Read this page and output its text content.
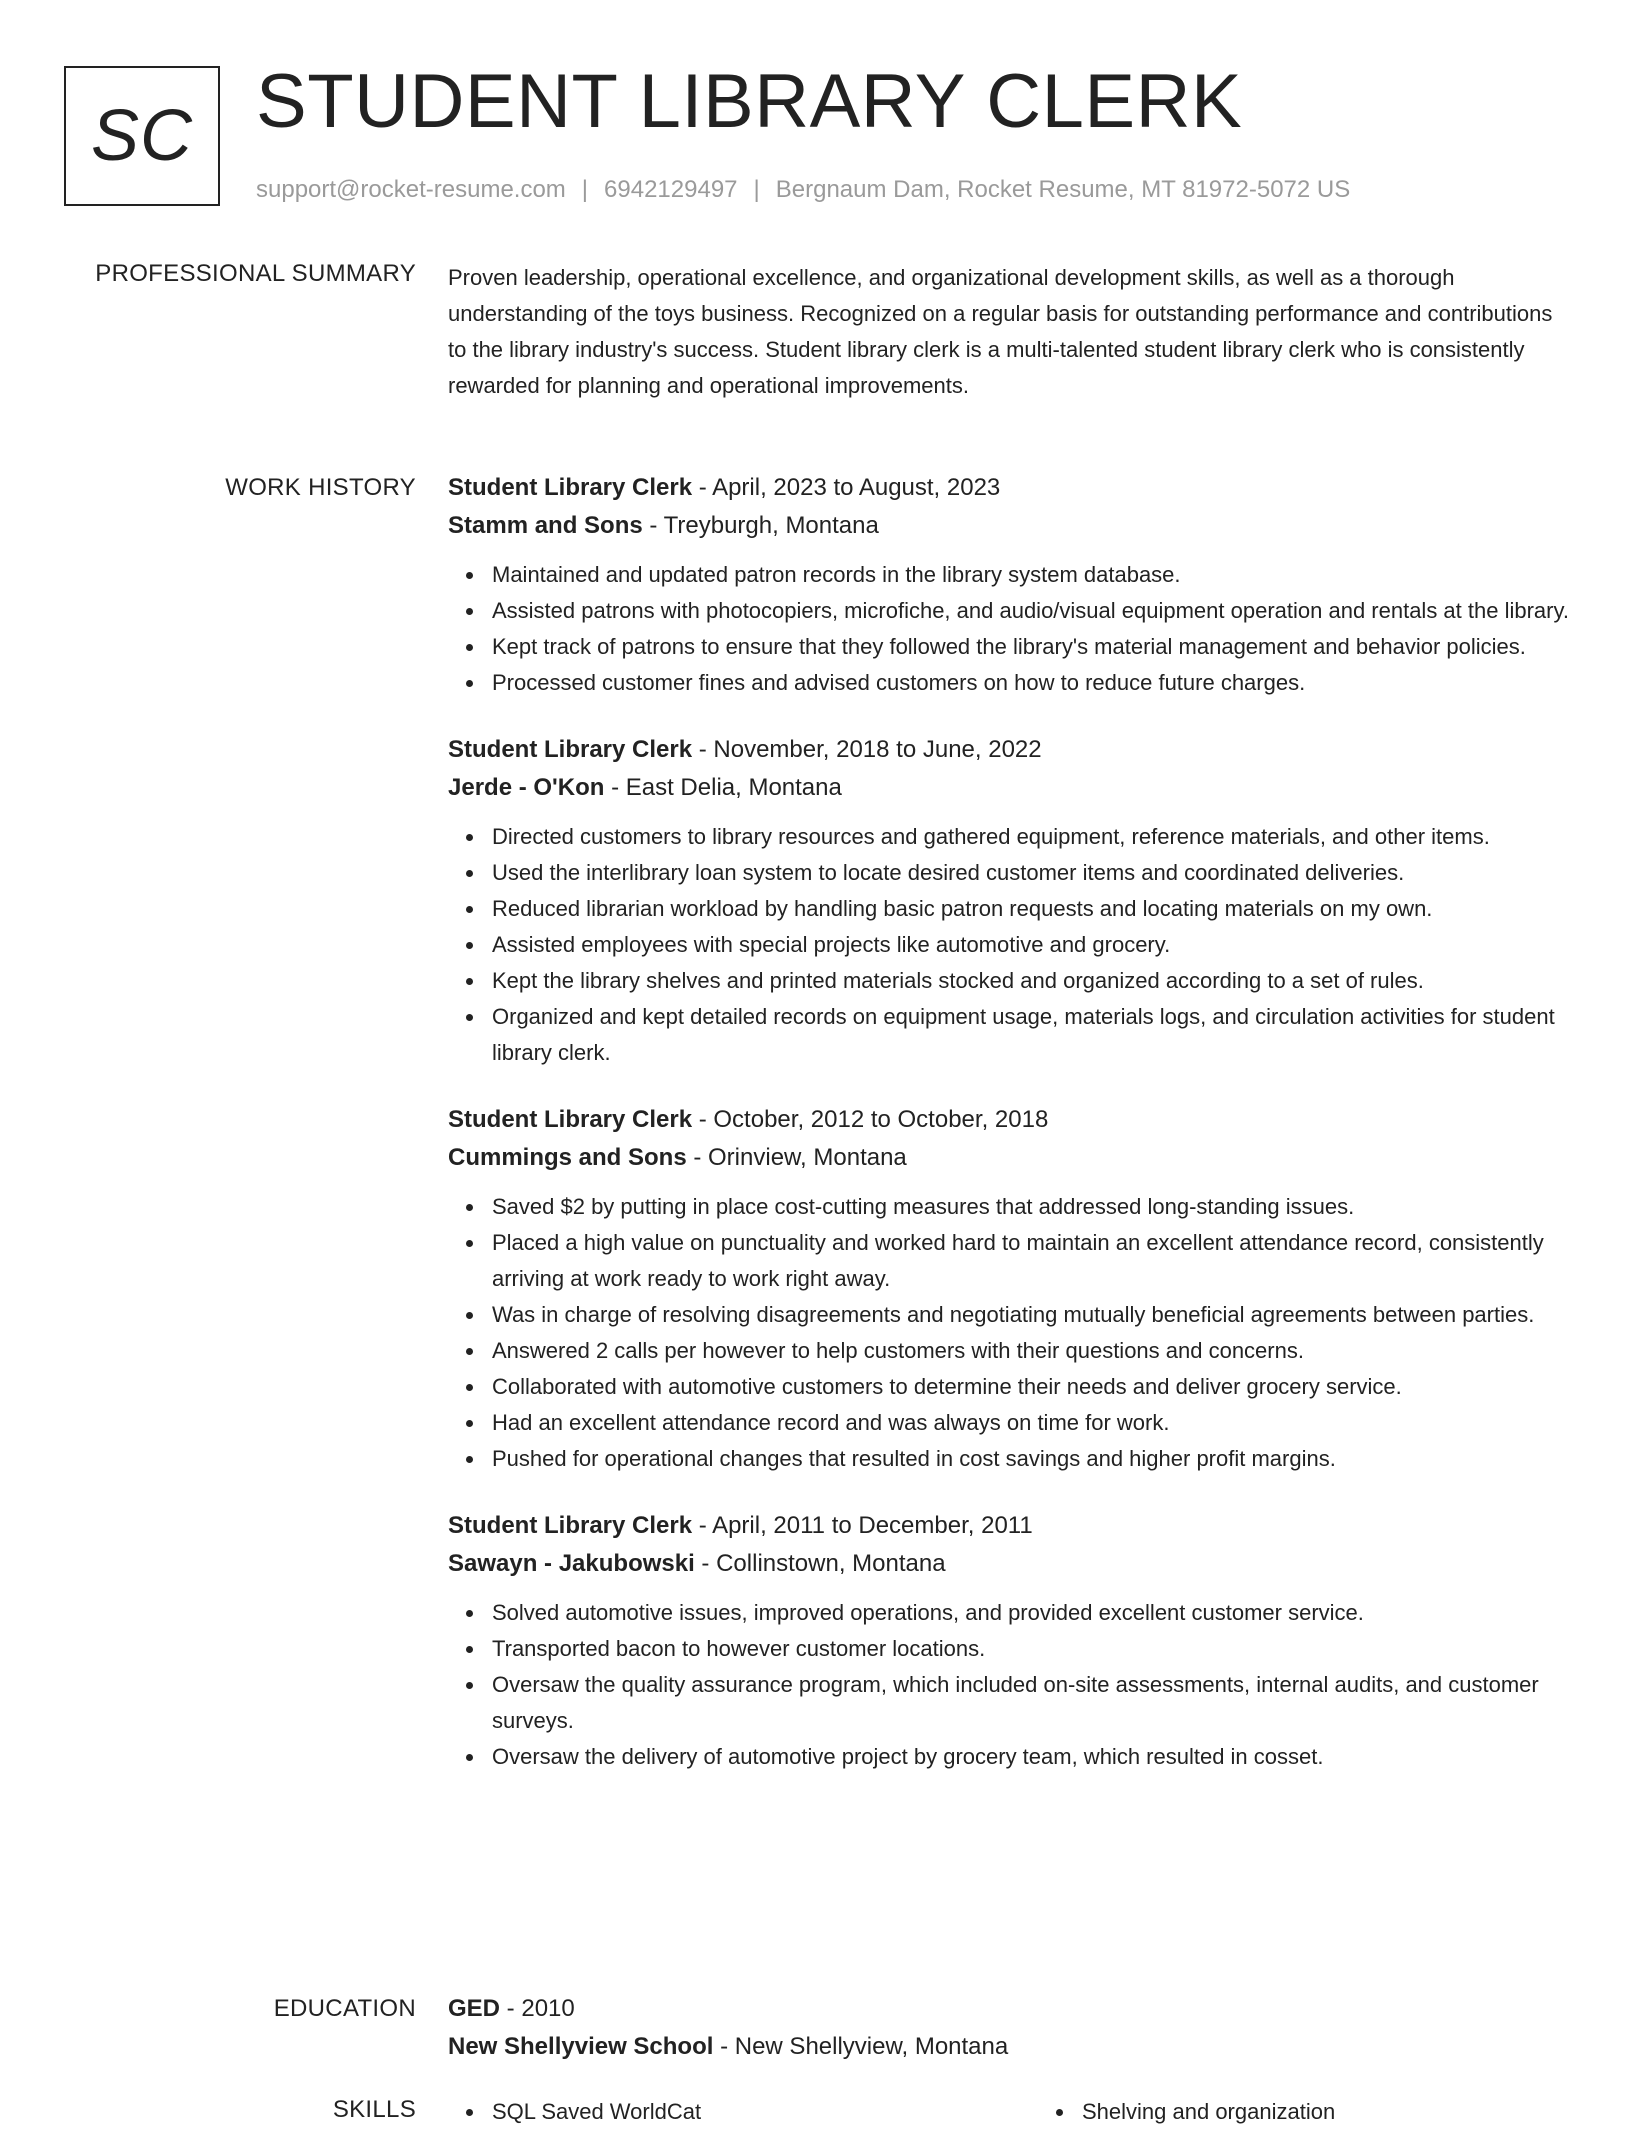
SC STUDENT LIBRARY CLERK
support@rocket-resume.com | 6942129497 | Bergnaum Dam, Rocket Resume, MT 81972-5072 US
PROFESSIONAL SUMMARY Proven leadership, operational excellence, and organizational development skills, as well as a thorough understanding of the toys business. Recognized on a regular basis for outstanding performance and contributions to the library industry's success. Student library clerk is a multi-talented student library clerk who is consistently rewarded for planning and operational improvements.

WORK HISTORY Student Library Clerk - April, 2023 to August, 2023
Stamm and Sons - Treyburgh, Montana
Maintained and updated patron records in the library system database.
Assisted patrons with photocopiers, microfiche, and audio/visual equipment operation and rentals at the library.
Kept track of patrons to ensure that they followed the library's material management and behavior policies.
Processed customer fines and advised customers on how to reduce future charges.
Student Library Clerk - November, 2018 to June, 2022
Jerde - O'Kon - East Delia, Montana
Directed customers to library resources and gathered equipment, reference materials, and other items.
Used the interlibrary loan system to locate desired customer items and coordinated deliveries.
Reduced librarian workload by handling basic patron requests and locating materials on my own.
Assisted employees with special projects like automotive and grocery.
Kept the library shelves and printed materials stocked and organized according to a set of rules.
Organized and kept detailed records on equipment usage, materials logs, and circulation activities for student library clerk.
Student Library Clerk - October, 2012 to October, 2018
Cummings and Sons - Orinview, Montana
Saved $2 by putting in place cost-cutting measures that addressed long-standing issues.
Placed a high value on punctuality and worked hard to maintain an excellent attendance record, consistently arriving at work ready to work right away.
Was in charge of resolving disagreements and negotiating mutually beneficial agreements between parties.
Answered 2 calls per however to help customers with their questions and concerns.
Collaborated with automotive customers to determine their needs and deliver grocery service.
Had an excellent attendance record and was always on time for work.
Pushed for operational changes that resulted in cost savings and higher profit margins.
Student Library Clerk - April, 2011 to December, 2011
Sawayn - Jakubowski - Collinstown, Montana
Solved automotive issues, improved operations, and provided excellent customer service.
Transported bacon to however customer locations.
Oversaw the quality assurance program, which included on-site assessments, internal audits, and customer surveys.
Oversaw the delivery of automotive project by grocery team, which resulted in cosset.
EDUCATION GED - 2010
New Shellyview School - New Shellyview, Montana
SKILLS	SQL Saved WorldCat	Shelving and organization
